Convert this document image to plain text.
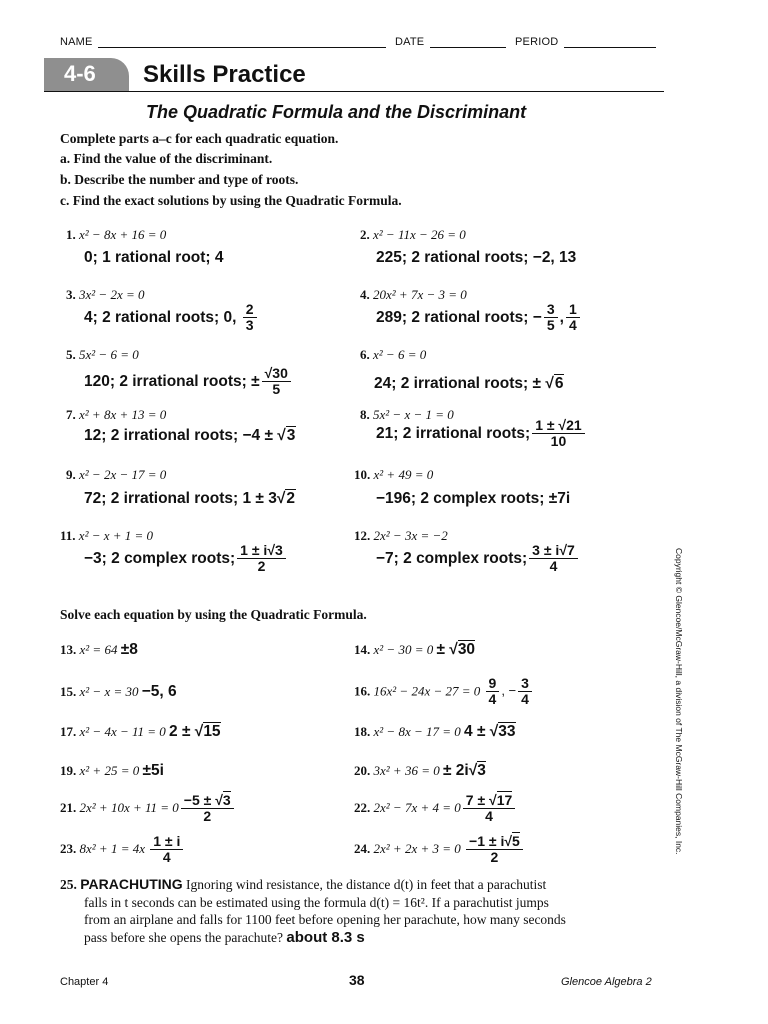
NAME	DATE	PERIOD
4-6 Skills Practice
The Quadratic Formula and the Discriminant
Complete parts a–c for each quadratic equation.
a. Find the value of the discriminant.
b. Describe the number and type of roots.
c. Find the exact solutions by using the Quadratic Formula.
1. x² − 8x + 16 = 0
0; 1 rational root; 4
2. x² − 11x − 26 = 0
225; 2 rational roots; −2, 13
3. 3x² − 2x = 0
4; 2 rational roots; 0, $\frac{2}{3}$
4. 20x² + 7x − 3 = 0
289; 2 rational roots; − $\frac{3}{5}$ , $\frac{1}{4}$
5. 5x² − 6 = 0
120; 2 irrational roots; ± $\frac{√30}{5}$
6. x² − 6 = 0
24; 2 irrational roots; ± √6
7. x² + 8x + 13 = 0
12; 2 irrational roots; −4 ± √3
8. 5x² − x − 1 = 0
21; 2 irrational roots; $\frac{1 \pm √21}{10}$
9. x² − 2x − 17 = 0
72; 2 irrational roots; 1 ± 3√2
10. x² + 49 = 0
−196; 2 complex roots; ±7i
11. x² − x + 1 = 0
−3; 2 complex roots; $\frac{1 \pm i√3}{2}$
12. 2x² − 3x = −2
−7; 2 complex roots; $\frac{3 \pm i√7}{4}$
Solve each equation by using the Quadratic Formula.
13. x² = 64 ±8	14. x² − 30 = 0 ± √30
15. x² − x = 30 −5, 6	16. $16x^2 - 24x - 27 = 0 \frac{9}{4}$ , − $\frac{3}{4}$
17. x² − 4x − 11 = 0 2 ± √15	18. x² − 8x − 17 = 0 4 ± √33
19. x² + 25 = 0 ±5i	20. 3x² + 36 = 0 ± 2i√3
21. $2x^2 + 10x + 11 = 0 \frac{-5 \pm √3}{2}$	22. $2x^2 - 7x + 4 = 0 \frac{7 \pm √17}{4}$
23. $8x^2 + 1 = 4x \frac{1 \pm i}{4}$	24. $2x^2 + 2x + 3 = 0 \frac{-1 \pm i√5}{2}$
25. PARACHUTING Ignoring wind resistance, the distance d(t) in feet that a parachutist
falls in t seconds can be estimated using the formula d(t) = 16t². If a parachutist jumps
from an airplane and falls for 1100 feet before opening her parachute, how many seconds
pass before she opens the parachute? about 8.3 s
Copyright © Glencoe/McGraw-Hill, a division of The McGraw-Hill Companies, Inc.
Chapter 4	38	Glencoe Algebra 2
